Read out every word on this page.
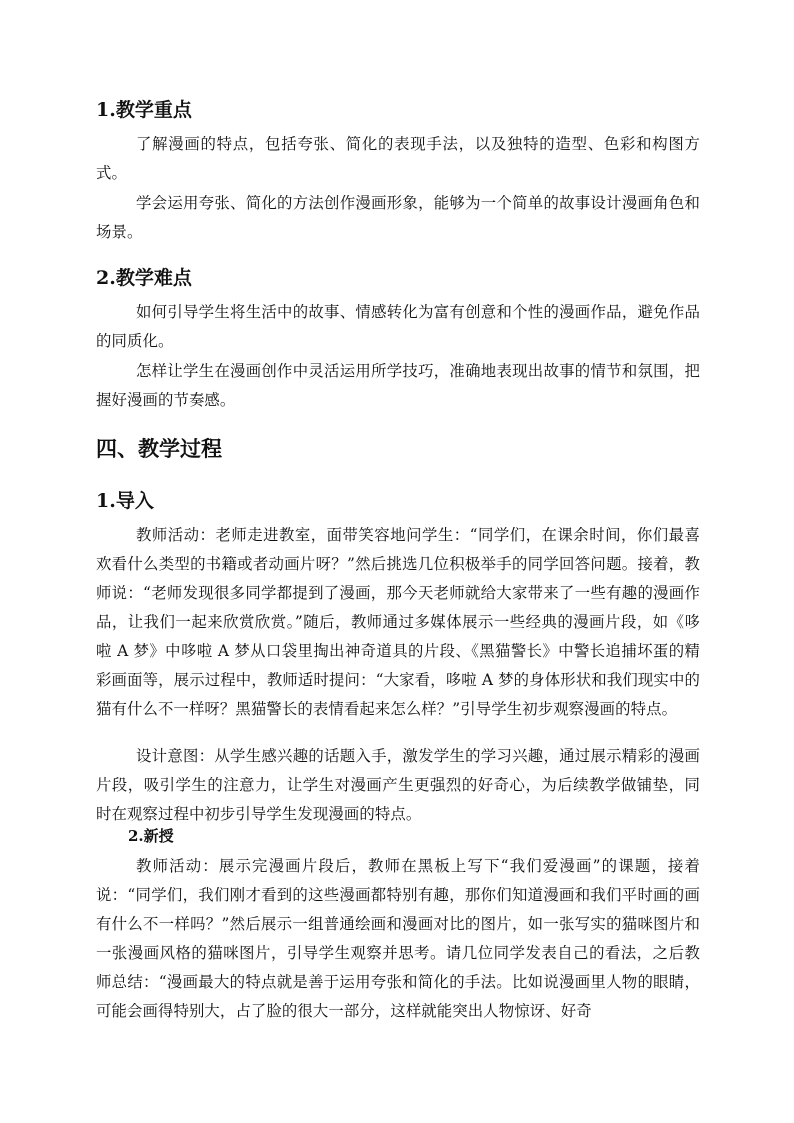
1.教学重点
了解漫画的特点，包括夸张、简化的表现手法，以及独特的造型、色彩和构图方式。
学会运用夸张、简化的方法创作漫画形象，能够为一个简单的故事设计漫画角色和场景。
2.教学难点
如何引导学生将生活中的故事、情感转化为富有创意和个性的漫画作品，避免作品的同质化。
怎样让学生在漫画创作中灵活运用所学技巧，准确地表现出故事的情节和氛围，把握好漫画的节奏感。
四、教学过程
1.导入
教师活动：老师走进教室，面带笑容地问学生：“同学们，在课余时间，你们最喜欢看什么类型的书籍或者动画片呀？”然后挑选几位积极举手的同学回答问题。接着，教师说：“老师发现很多同学都提到了漫画，那今天老师就给大家带来了一些有趣的漫画作品，让我们一起来欣赏欣赏。”随后，教师通过多媒体展示一些经典的漫画片段，如《哆啦 A 梦》中哆啦 A 梦从口袋里掏出神奇道具的片段、《黑猫警长》中警长追捕坏蛋的精彩画面等，展示过程中，教师适时提问：“大家看，哆啦 A 梦的身体形状和我们现实中的猫有什么不一样呀？黑猫警长的表情看起来怎么样？”引导学生初步观察漫画的特点。
设计意图：从学生感兴趣的话题入手，激发学生的学习兴趣，通过展示精彩的漫画片段，吸引学生的注意力，让学生对漫画产生更强烈的好奇心，为后续教学做铺垫，同时在观察过程中初步引导学生发现漫画的特点。
2.新授
教师活动：展示完漫画片段后，教师在黑板上写下“我们爱漫画”的课题，接着说：“同学们，我们刚才看到的这些漫画都特别有趣，那你们知道漫画和我们平时画的画有什么不一样吗？”然后展示一组普通绘画和漫画对比的图片，如一张写实的猫咪图片和一张漫画风格的猫咪图片，引导学生观察并思考。请几位同学发表自己的看法，之后教师总结：“漫画最大的特点就是善于运用夸张和简化的手法。比如说漫画里人物的眼睛，可能会画得特别大，占了脸的很大一部分，这样就能突出人物惊讶、好奇
